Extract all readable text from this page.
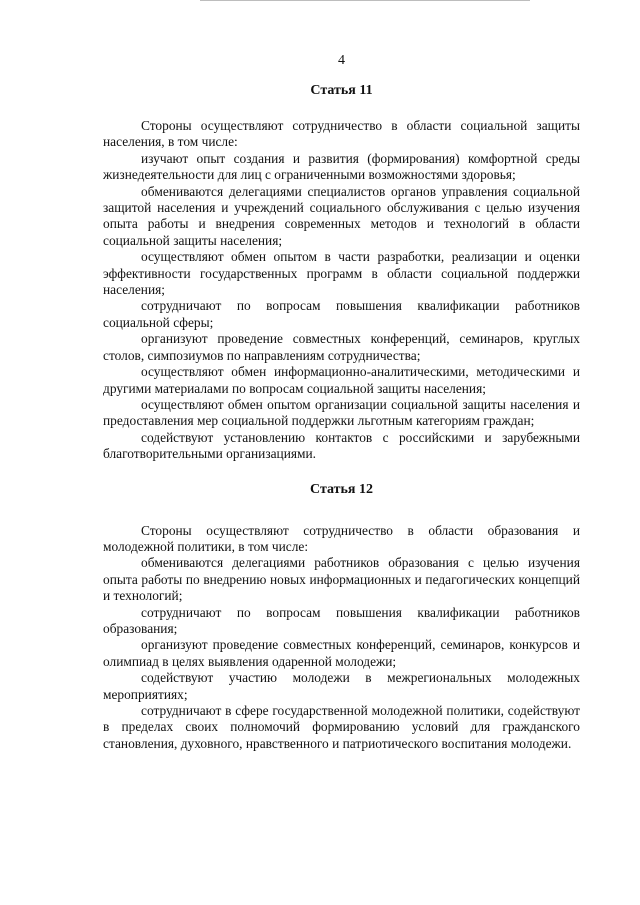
4
Статья 11

Стороны осуществляют сотрудничество в области социальной защиты населения, в том числе:

изучают опыт создания и развития (формирования) комфортной среды жизнедеятельности для лиц с ограниченными возможностями здоровья;

обмениваются делегациями специалистов органов управления социальной защитой населения и учреждений социального обслуживания с целью изучения опыта работы и внедрения современных методов и технологий в области социальной защиты населения;

осуществляют обмен опытом в части разработки, реализации и оценки эффективности государственных программ в области социальной поддержки населения;

сотрудничают по вопросам повышения квалификации работников социальной сферы;

организуют проведение совместных конференций, семинаров, круглых столов, симпозиумов по направлениям сотрудничества;

осуществляют обмен информационно-аналитическими, методическими и другими материалами по вопросам социальной защиты населения;

осуществляют обмен опытом организации социальной защиты населения и предоставления мер социальной поддержки льготным категориям граждан;

содействуют установлению контактов с российскими и зарубежными благотворительными организациями.

Статья 12

Стороны осуществляют сотрудничество в области образования и молодежной политики, в том числе:

обмениваются делегациями работников образования с целью изучения опыта работы по внедрению новых информационных и педагогических концепций и технологий;

сотрудничают по вопросам повышения квалификации работников образования;

организуют проведение совместных конференций, семинаров, конкурсов и олимпиад в целях выявления одаренной молодежи;

содействуют участию молодежи в межрегиональных молодежных мероприятиях;

сотрудничают в сфере государственной молодежной политики, содействуют в пределах своих полномочий формированию условий для гражданского становления, духовного, нравственного и патриотического воспитания молодежи.
